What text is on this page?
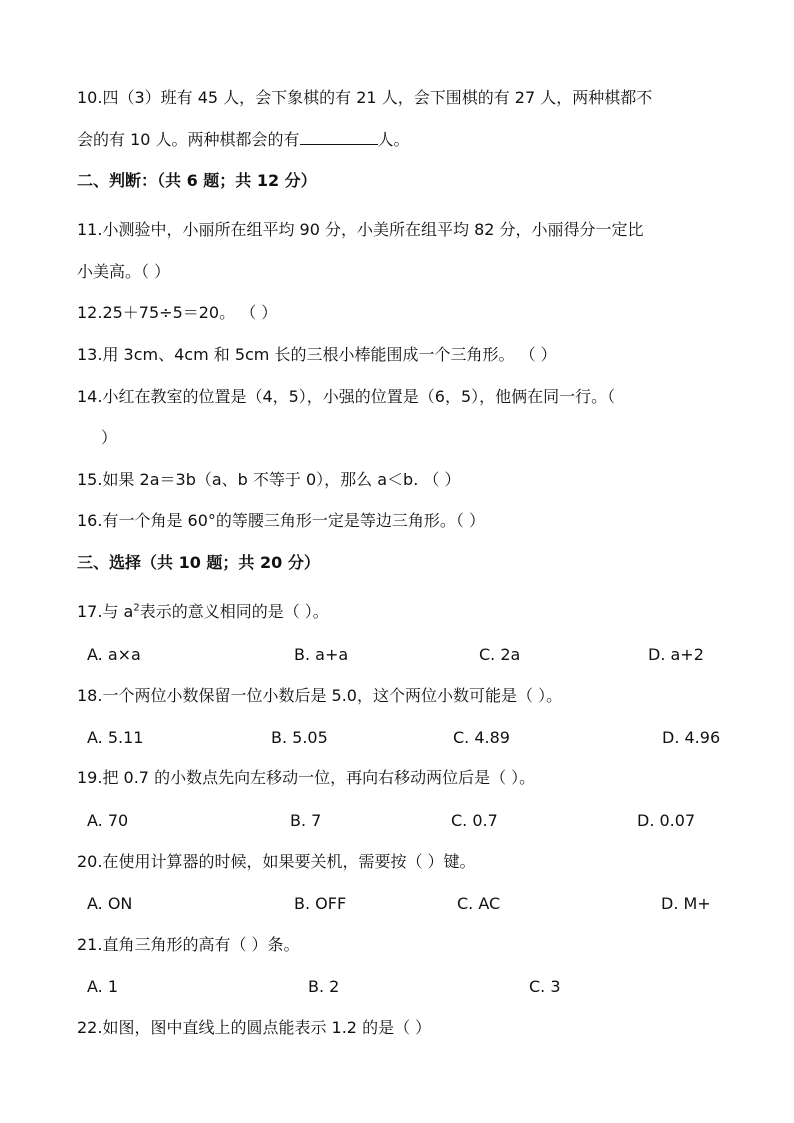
10.四（3）班有 45 人，会下象棋的有 21 人，会下围棋的有 27 人，两种棋都不
会的有 10 人。两种棋都会的有	人。
二、判断：（共 6 题；共 12 分）
11.小测验中，小丽所在组平均 90 分，小美所在组平均 82 分，小丽得分一定比
小美高。（ ）
12.25＋75÷5＝20。 （ ）
13.用 3cm、4cm 和 5cm 长的三根小棒能围成一个三角形。 （ ）
14.小红在教室的位置是（4，5），小强的位置是（6，5），他俩在同一行。（
）
15.如果 2a＝3b（a、b 不等于 0），那么 a＜b. （ ）
16.有一个角是 60°的等腰三角形一定是等边三角形。（ ）
三、选择（共 10 题；共 20 分）
17.与 $a^2$表示的意义相同的是（ ）。
A. a×a	B. a+a	C. 2a	D. a+2
18.一个两位小数保留一位小数后是 5.0，这个两位小数可能是（ ）。
A. 5.11	B. 5.05	C. 4.89	D. 4.96
19.把 0.7 的小数点先向左移动一位，再向右移动两位后是（ ）。
A. 70	B. 7	C. 0.7	D. 0.07
20.在使用计算器的时候，如果要关机，需要按（ ）键。
A. ON	B. OFF	C. AC	D. M+
21.直角三角形的高有（ ）条。
A. 1	B. 2	C. 3
22.如图，图中直线上的圆点能表示 1.2 的是（ ）
